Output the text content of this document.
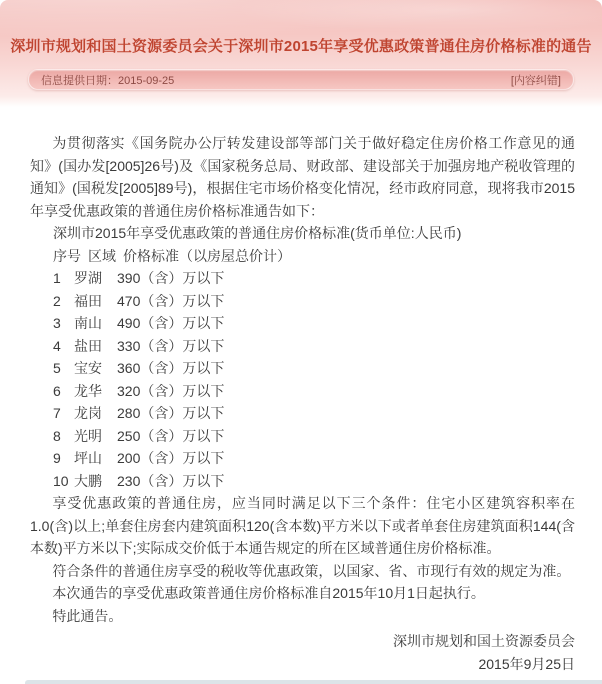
深圳市规划和国土资源委员会关于深圳市2015年享受优惠政策普通住房价格标准的通告
信息提供日期：2015-09-25	[内容纠错]

为贯彻落实《国务院办公厅转发建设部等部门关于做好稳定住房价格工作意见的通知》(国办发[2005]26号)及《国家税务总局、财政部、建设部关于加强房地产税收管理的通知》(国税发[2005]89号)，根据住宅市场价格变化情况，经市政府同意，现将我市2015年享受优惠政策的普通住房价格标准通告如下：

深圳市2015年享受优惠政策的普通住房价格标准(货币单位:人民币)

序号 区域 价格标准（以房屋总价计）
1 罗湖	390（含）万以下
2 福田	470（含）万以下
3 南山	490（含）万以下
4 盐田	330（含）万以下
5 宝安	360（含）万以下
6 龙华	320（含）万以下
7 龙岗	280（含）万以下
8 光明	250（含）万以下
9 坪山	200（含）万以下
10 大鹏	230（含）万以下

享受优惠政策的普通住房，应当同时满足以下三个条件：住宅小区建筑容积率在1.0(含)以上;单套住房套内建筑面积120(含本数)平方米以下或者单套住房建筑面积144(含本数)平方米以下;实际成交价低于本通告规定的所在区域普通住房价格标准。

符合条件的普通住房享受的税收等优惠政策，以国家、省、市现行有效的规定为准。

本次通告的享受优惠政策普通住房价格标准自2015年10月1日起执行。

特此通告。

深圳市规划和国土资源委员会

2015年9月25日
